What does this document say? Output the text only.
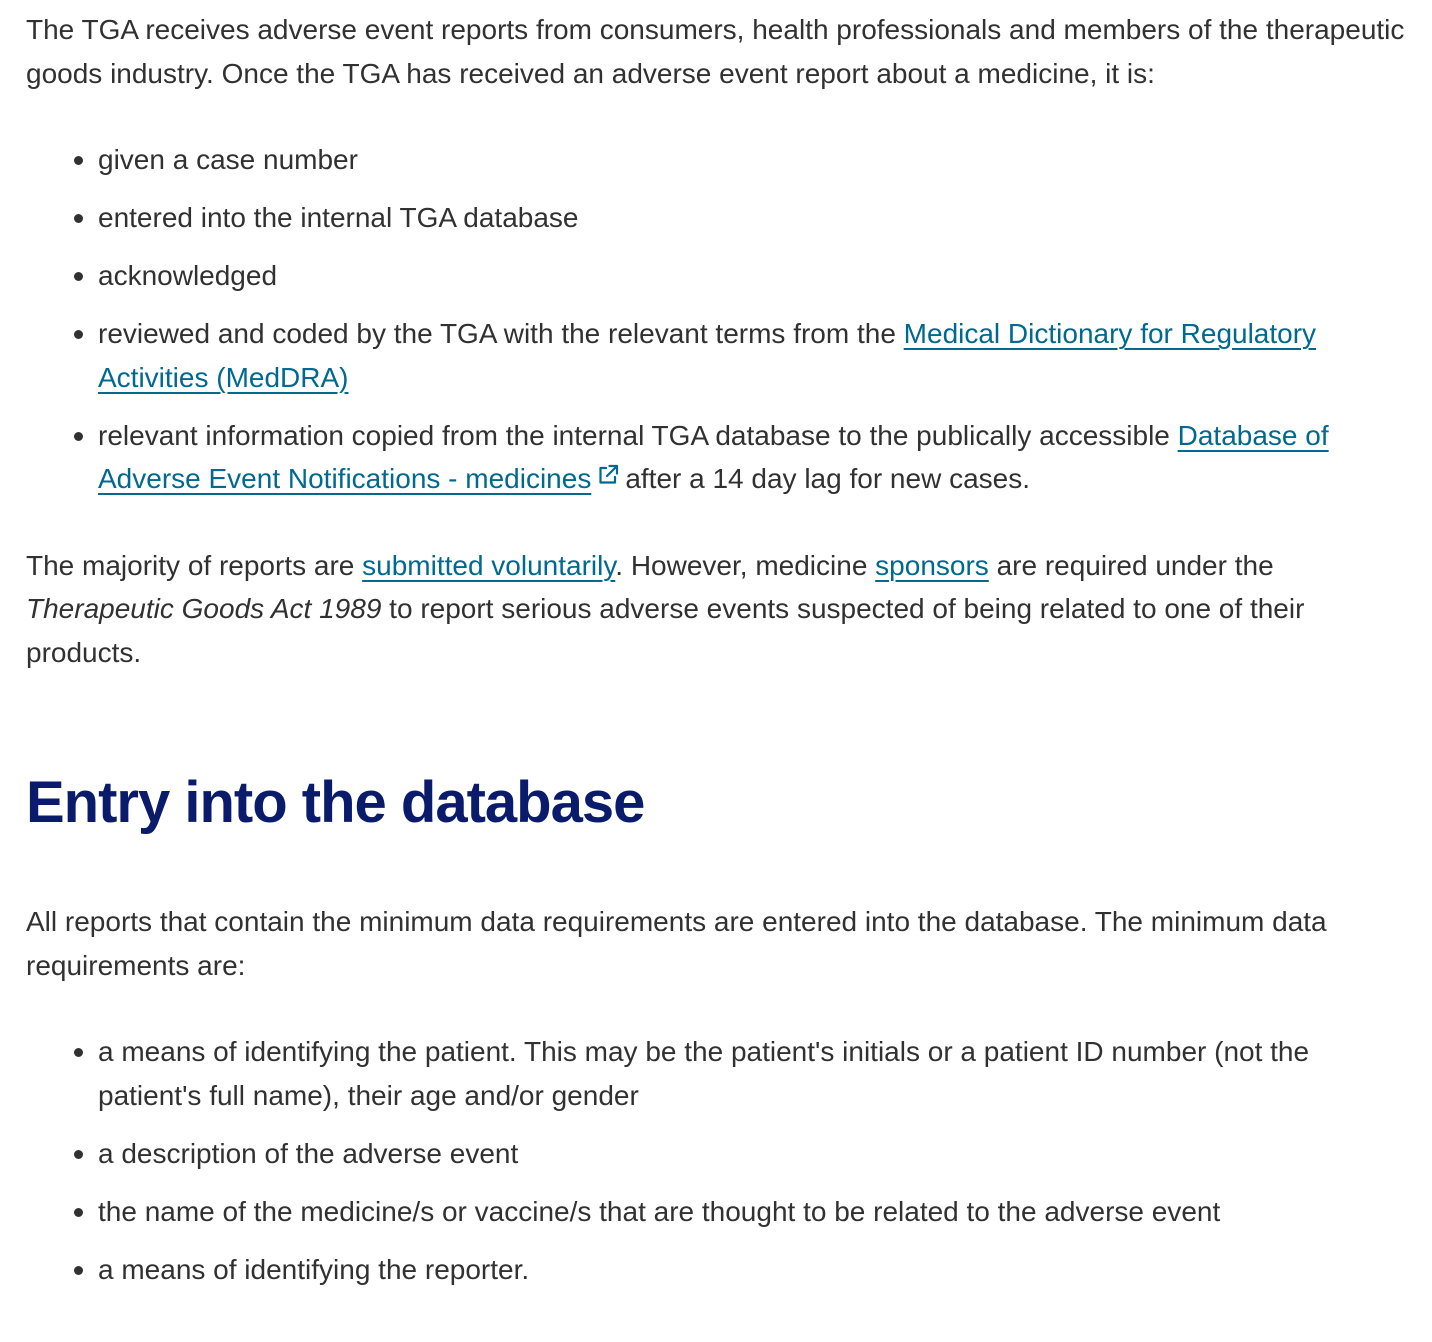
The TGA receives adverse event reports from consumers, health professionals and members of the therapeutic goods industry. Once the TGA has received an adverse event report about a medicine, it is:

given a case number
entered into the internal TGA database
acknowledged
reviewed and coded by the TGA with the relevant terms from the Medical Dictionary for Regulatory Activities (MedDRA)
relevant information copied from the internal TGA database to the publically accessible Database of Adverse Event Notifications - medicines after a 14 day lag for new cases.

The majority of reports are submitted voluntarily. However, medicine sponsors are required under the Therapeutic Goods Act 1989 to report serious adverse events suspected of being related to one of their products.

Entry into the database

All reports that contain the minimum data requirements are entered into the database. The minimum data requirements are:

a means of identifying the patient. This may be the patient's initials or a patient ID number (not the patient's full name), their age and/or gender
a description of the adverse event
the name of the medicine/s or vaccine/s that are thought to be related to the adverse event
a means of identifying the reporter.
